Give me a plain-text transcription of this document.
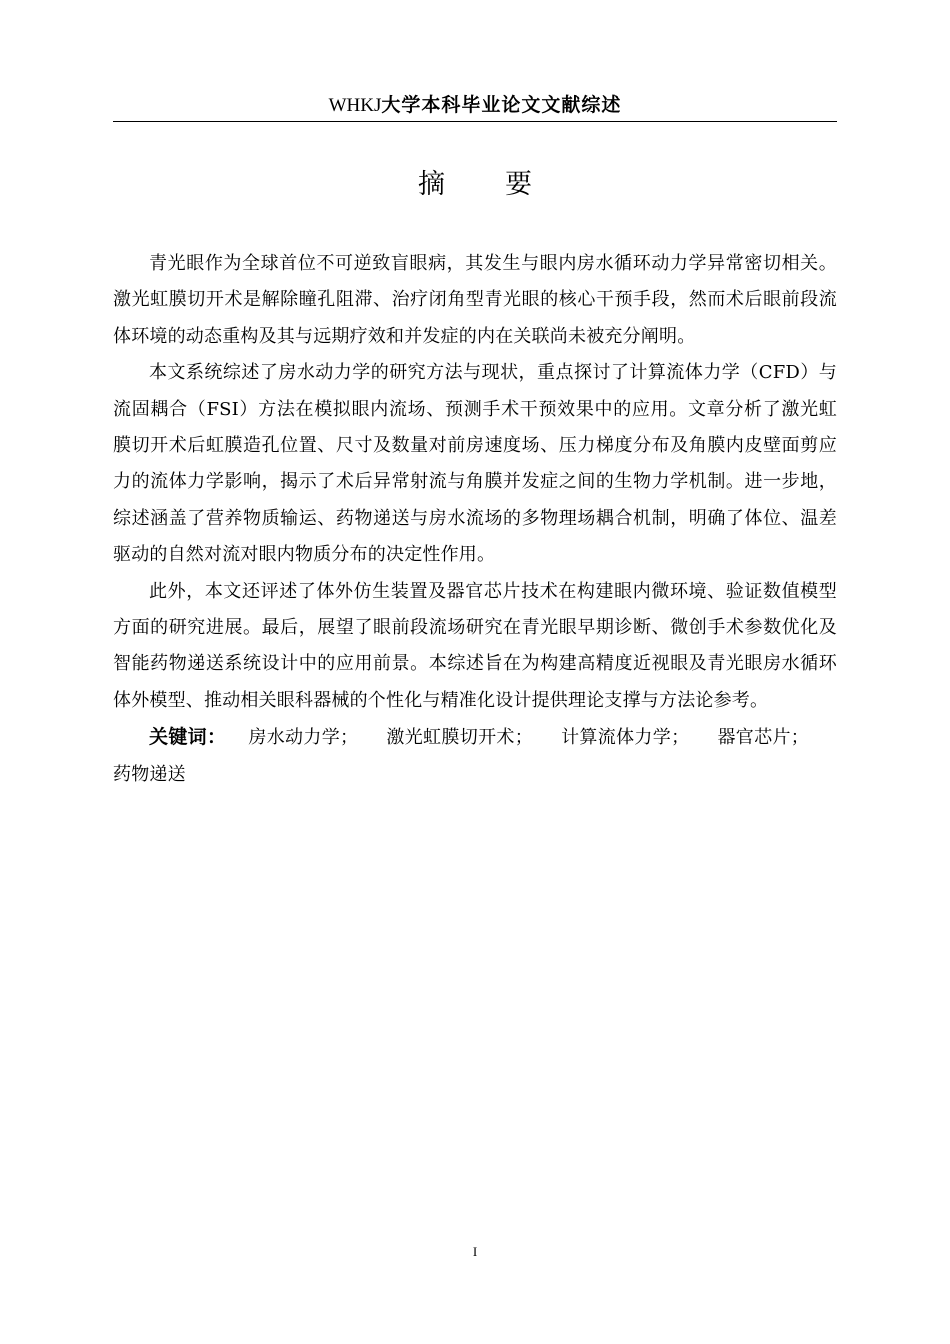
WHKJ大学本科毕业论文文献综述
摘要

青光眼作为全球首位不可逆致盲眼病，其发生与眼内房水循环动力学异常密切相关。激光虹膜切开术是解除瞳孔阻滞、治疗闭角型青光眼的核心干预手段，然而术后眼前段流体环境的动态重构及其与远期疗效和并发症的内在关联尚未被充分阐明。

本文系统综述了房水动力学的研究方法与现状，重点探讨了计算流体力学（CFD）与流固耦合（FSI）方法在模拟眼内流场、预测手术干预效果中的应用。文章分析了激光虹膜切开术后虹膜造孔位置、尺寸及数量对前房速度场、压力梯度分布及角膜内皮壁面剪应力的流体力学影响，揭示了术后异常射流与角膜并发症之间的生物力学机制。进一步地，综述涵盖了营养物质输运、药物递送与房水流场的多物理场耦合机制，明确了体位、温差驱动的自然对流对眼内物质分布的决定性作用。

此外，本文还评述了体外仿生装置及器官芯片技术在构建眼内微环境、验证数值模型方面的研究进展。最后，展望了眼前段流场研究在青光眼早期诊断、微创手术参数优化及智能药物递送系统设计中的应用前景。本综述旨在为构建高精度近视眼及青光眼房水循环体外模型、推动相关眼科器械的个性化与精准化设计提供理论支撑与方法论参考。

关键词： 房水动力学； 激光虹膜切开术； 计算流体力学； 器官芯片；药物递送

I
